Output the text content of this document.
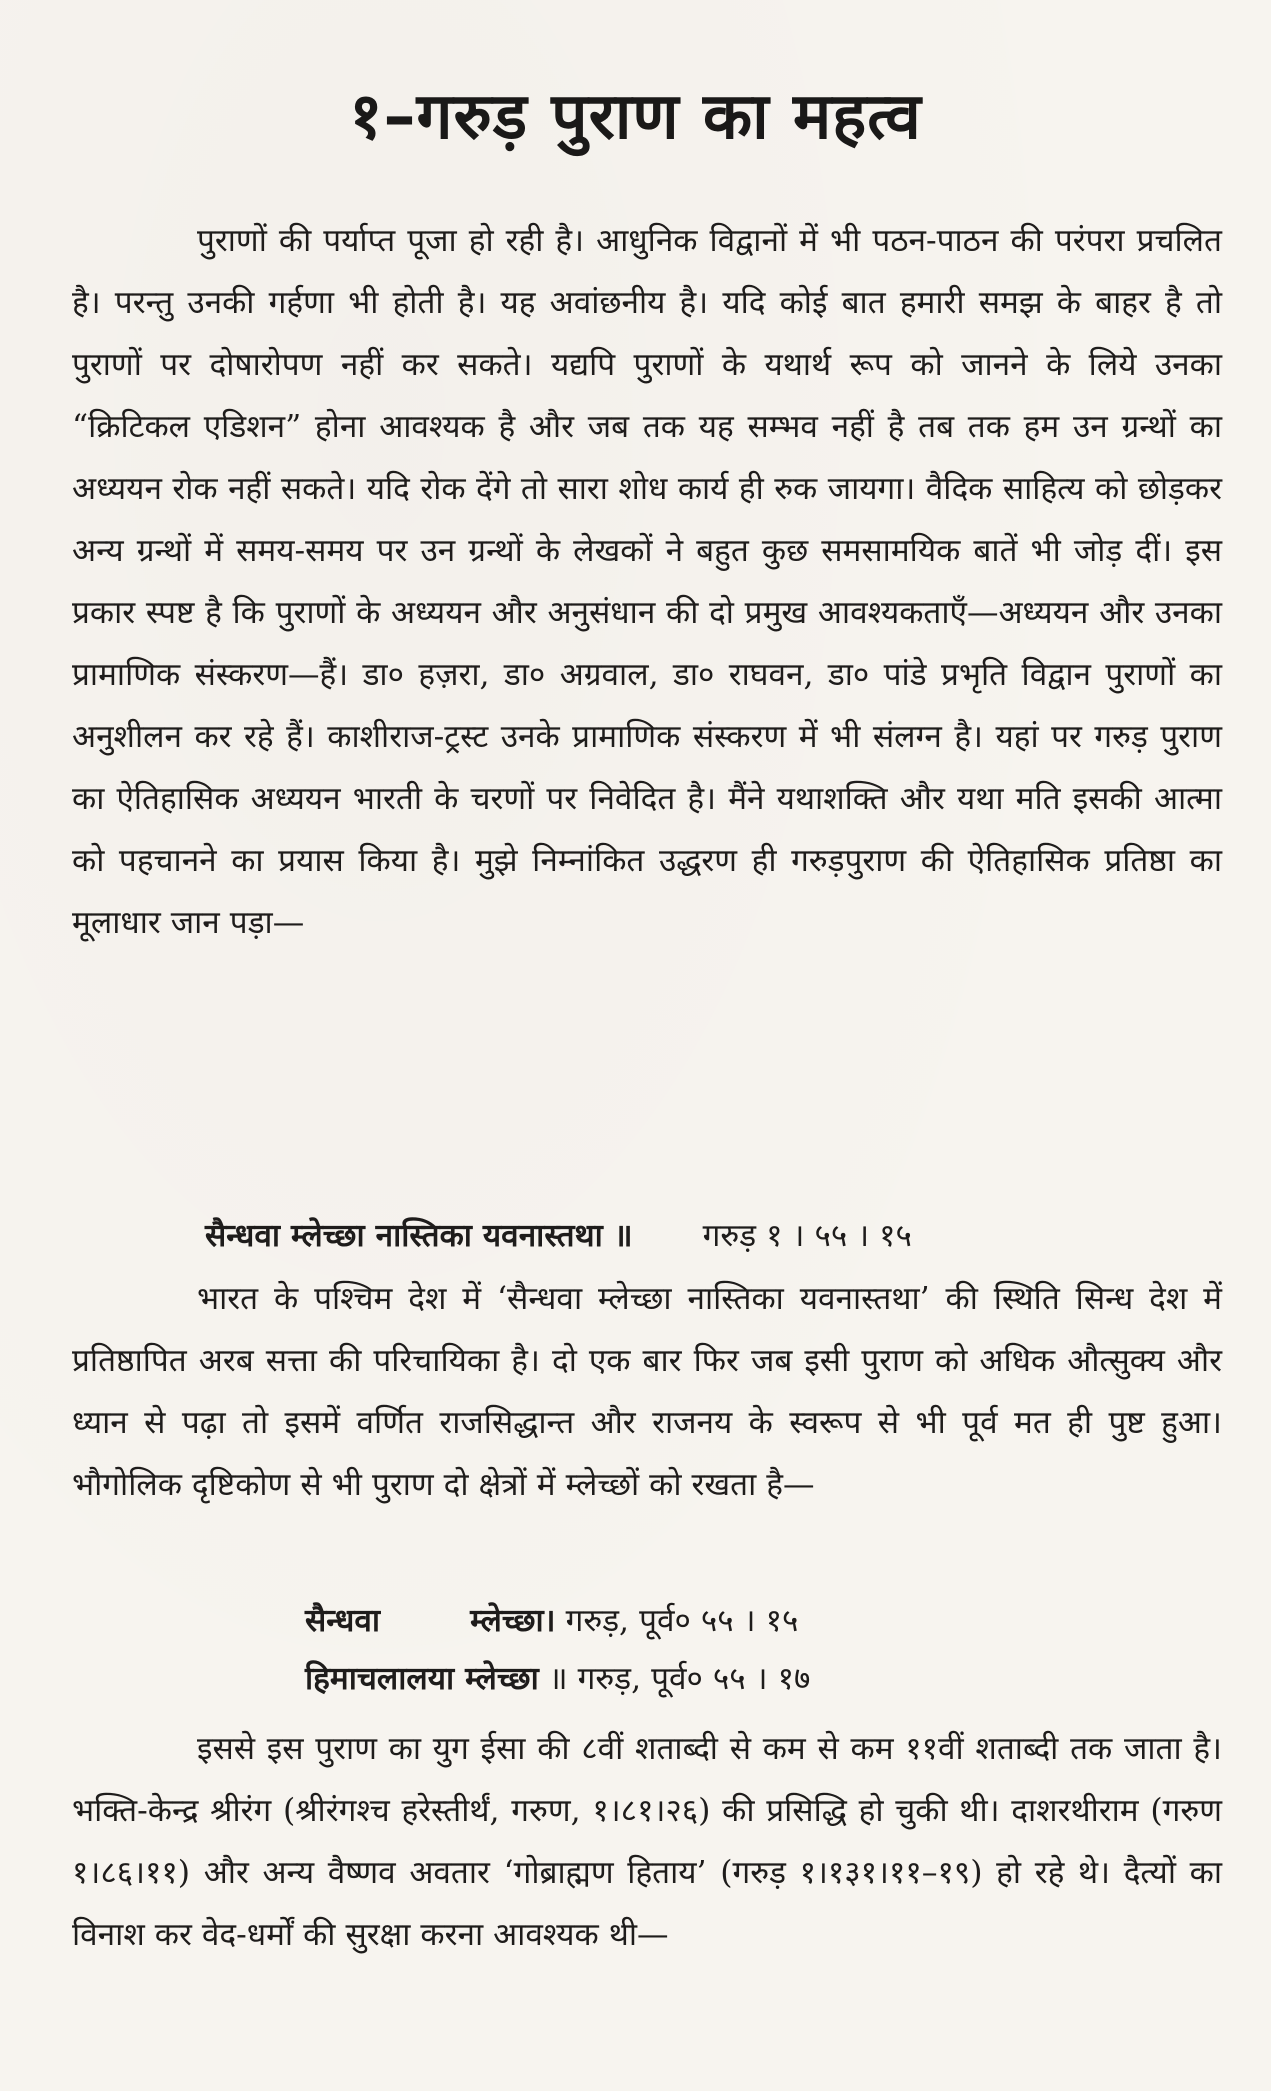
१–गरुड़ पुराण का महत्व

पुराणों की पर्याप्त पूजा हो रही है। आधुनिक विद्वानों में भी पठन-पाठन की परंपरा प्रचलित है। परन्तु उनकी गर्हणा भी होती है। यह अवांछनीय है। यदि कोई बात हमारी समझ के बाहर है तो पुराणों पर दोषारोपण नहीं कर सकते। यद्यपि पुराणों के यथार्थ रूप को जानने के लिये उनका “क्रिटिकल एडिशन” होना आवश्यक है और जब तक यह सम्भव नहीं है तब तक हम उन ग्रन्थों का अध्ययन रोक नहीं सकते। यदि रोक देंगे तो सारा शोध कार्य ही रुक जायगा। वैदिक साहित्य को छोड़कर अन्य ग्रन्थों में समय-समय पर उन ग्रन्थों के लेखकों ने बहुत कुछ समसामयिक बातें भी जोड़ दीं। इस प्रकार स्पष्ट है कि पुराणों के अध्ययन और अनुसंधान की दो प्रमुख आवश्यकताएँ—अध्ययन और उनका प्रामाणिक संस्करण—हैं। डा० हज़रा, डा० अग्रवाल, डा० राघवन, डा० पांडे प्रभृति विद्वान पुराणों का अनुशीलन कर रहे हैं। काशीराज-ट्रस्ट उनके प्रामाणिक संस्करण में भी संलग्न है। यहां पर गरुड़ पुराण का ऐतिहासिक अध्ययन भारती के चरणों पर निवेदित है। मैंने यथाशक्ति और यथा मति इसकी आत्मा को पहचानने का प्रयास किया है। मुझे निम्नांकित उद्धरण ही गरुड़पुराण की ऐतिहासिक प्रतिष्ठा का मूलाधार जान पड़ा—

सैन्धवा म्लेच्छा नास्तिका यवनास्तथा ॥ गरुड़ १ । ५५ । १५

भारत के पश्चिम देश में ‘सैन्धवा म्लेच्छा नास्तिका यवनास्तथा’ की स्थिति सिन्ध देश में प्रतिष्ठापित अरब सत्ता की परिचायिका है। दो एक बार फिर जब इसी पुराण को अधिक औत्सुक्य और ध्यान से पढ़ा तो इसमें वर्णित राजसिद्धान्त और राजनय के स्वरूप से भी पूर्व मत ही पुष्ट हुआ। भौगोलिक दृष्टिकोण से भी पुराण दो क्षेत्रों में म्लेच्छों को रखता है—

सैन्धवा	म्लेच्छा। गरुड़, पूर्व० ५५ । १५
हिमाचलालया म्लेच्छा ॥ गरुड़, पूर्व० ५५ । १७

इससे इस पुराण का युग ईसा की ८वीं शताब्दी से कम से कम ११वीं शताब्दी तक जाता है। भक्ति-केन्द्र श्रीरंग (श्रीरंगश्च हरेस्तीर्थं, गरुण, १।८१।२६) की प्रसिद्धि हो चुकी थी। दाशरथीराम (गरुण १।८६।११) और अन्य वैष्णव अवतार ‘गोब्राह्मण हिताय’ (गरुड़ १।१३१।११–१९) हो रहे थे। दैत्यों का विनाश कर वेद-धर्मों की सुरक्षा करना आवश्यक थी—
